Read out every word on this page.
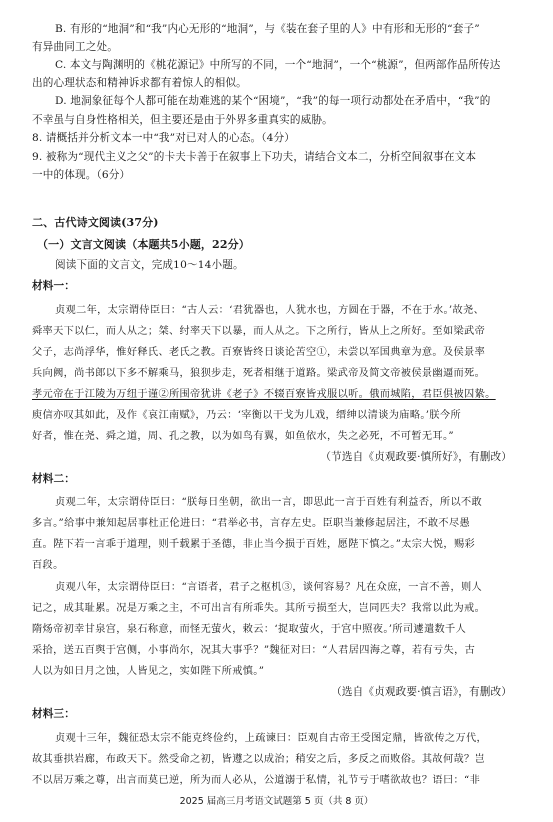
B. 有形的“地洞”和“我”内心无形的“地洞”，与《装在套子里的人》中有形和无形的“套子”
有异曲同工之处。
C. 本文与陶渊明的《桃花源记》中所写的不同，一个“地洞”，一个“桃源”，但两部作品所传达
出的心理状态和精神诉求都有着惊人的相似。
D. 地洞象征每个人都可能在劫难逃的某个“困境”，“我”的每一项行动都处在矛盾中，“我”的
不幸虽与自身性格相关，但主要还是由于外界多重真实的威胁。
8. 请概括并分析文本一中“我”对已对人的心态。（4分）
9. 被称为“现代主义之父”的卡夫卡善于在叙事上下功夫，请结合文本二，分析空间叙事在文本
一中的体现。（6分）
二、古代诗文阅读(37分)
（一）文言文阅读（本题共5小题，22分）
阅读下面的文言文，完成10～14小题。
材料一：
贞观二年，太宗谓侍臣曰：“古人云：‘君犹器也，人犹水也，方圆在于器，不在于水。’故尧、
舜率天下以仁，而人从之；桀、纣率天下以暴，而人从之。下之所行，皆从上之所好。至如梁武帝
父子，志尚浮华，惟好释氏、老氏之教。百寮皆终日谈论苦空①，未尝以军国典章为意。及侯景率
兵向阙，尚书郎以下多不解乘马，狼狈步走，死者相继于道路。梁武帝及简文帝被侯景幽逼而死。
孝元帝在于江陵为万纽于谨②所围帝犹讲《老子》不辍百寮皆戎服以听。俄而城陷，君臣俱被囚絷。
庾信亦叹其如此，及作《哀江南赋》，乃云：‘宰衡以干戈为儿戏，缙绅以清谈为庙略。’朕今所
好者，惟在尧、舜之道，周、孔之教，以为如鸟有翼，如鱼依水，失之必死，不可暂无耳。”
（节选自《贞观政要·慎所好》，有删改）
材料二：
贞观二年，太宗谓侍臣曰：“朕每日坐朝，欲出一言，即思此一言于百姓有利益否，所以不敢
多言。”给事中兼知起居事杜正伦进曰：“君举必书，言存左史。臣职当兼修起居注，不敢不尽愚
直。陛下若一言乖于道理，则千载累于圣德，非止当今损于百姓，愿陛下慎之。”太宗大悦，赐彩
百段。
贞观八年，太宗谓侍臣曰：“言语者，君子之枢机③，谈何容易？凡在众庶，一言不善，则人
记之，成其耻累。况是万乘之主，不可出言有所乖失。其所亏损至大，岂同匹夫？我常以此为戒。
隋炀帝初幸甘泉宫，泉石称意，而怪无萤火，敕云：‘捉取萤火，于宫中照夜。’所司遽遣数千人
采拾，送五百舆于宫侧，小事尚尔，况其大事乎？”魏征对曰：“人君居四海之尊，若有亏失，古
人以为如日月之蚀，人皆见之，实如陛下所戒慎。”
（选自《贞观政要·慎言语》，有删改）
材料三：
贞观十三年，魏征恐太宗不能克终俭约，上疏谏曰：臣观自古帝王受图定鼎，皆欲传之万代，
故其垂拱岩廊，布政天下。然受命之初，皆遵之以成治；稍安之后，多反之而败俗。其故何哉？岂
不以居万乘之尊，出言而莫已逆，所为而人必从，公道溺于私情，礼节亏于嗜欲故也？语曰：“非
2025 届高三月考语文试题第 5 页（共 8 页）
